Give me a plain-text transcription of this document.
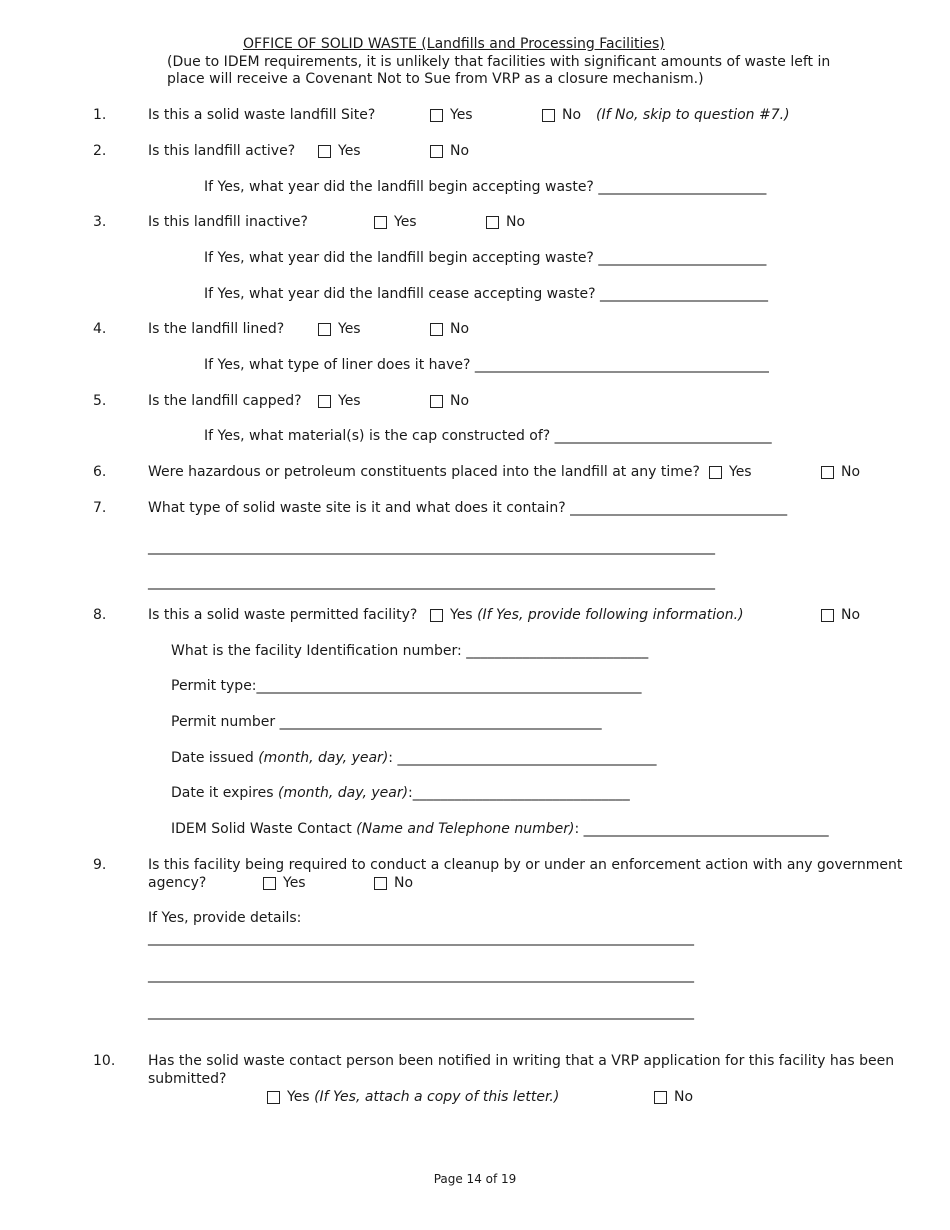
OFFICE OF SOLID WASTE (Landfills and Processing Facilities)
(Due to IDEM requirements, it is unlikely that facilities with significant amounts of waste left in
place will receive a Covenant Not to Sue from VRP as a closure mechanism.)
1.	Is this a solid waste landfill Site?	Yes	No (If No, skip to question #7.)
2.	Is this landfill active?	Yes	No
If Yes, what year did the landfill begin accepting waste? ________________________
3.	Is this landfill inactive?	Yes	No
If Yes, what year did the landfill begin accepting waste? ________________________
If Yes, what year did the landfill cease accepting waste? ________________________
4.	Is the landfill lined?	Yes	No
If Yes, what type of liner does it have? __________________________________________
5.	Is the landfill capped?	Yes	No
If Yes, what material(s) is the cap constructed of? _______________________________
6.	Were hazardous or petroleum constituents placed into the landfill at any time? Yes	No
7.	What type of solid waste site is it and what does it contain? _______________________________
_________________________________________________________________________________
_________________________________________________________________________________
8.	Is this a solid waste permitted facility? Yes (If Yes, provide following information.)	No
What is the facility Identification number: __________________________
Permit type:_______________________________________________________
Permit number ______________________________________________
Date issued (month, day, year): _____________________________________
Date it expires (month, day, year):_______________________________
IDEM Solid Waste Contact (Name and Telephone number): ___________________________________
9.	Is this facility being required to conduct a cleanup by or under an enforcement action with any government
agency?	Yes	No
If Yes, provide details:
______________________________________________________________________________
______________________________________________________________________________
______________________________________________________________________________
10. Has the solid waste contact person been notified in writing that a VRP application for this facility has been
submitted?
Yes (If Yes, attach a copy of this letter.)	No
Page 14 of 19
